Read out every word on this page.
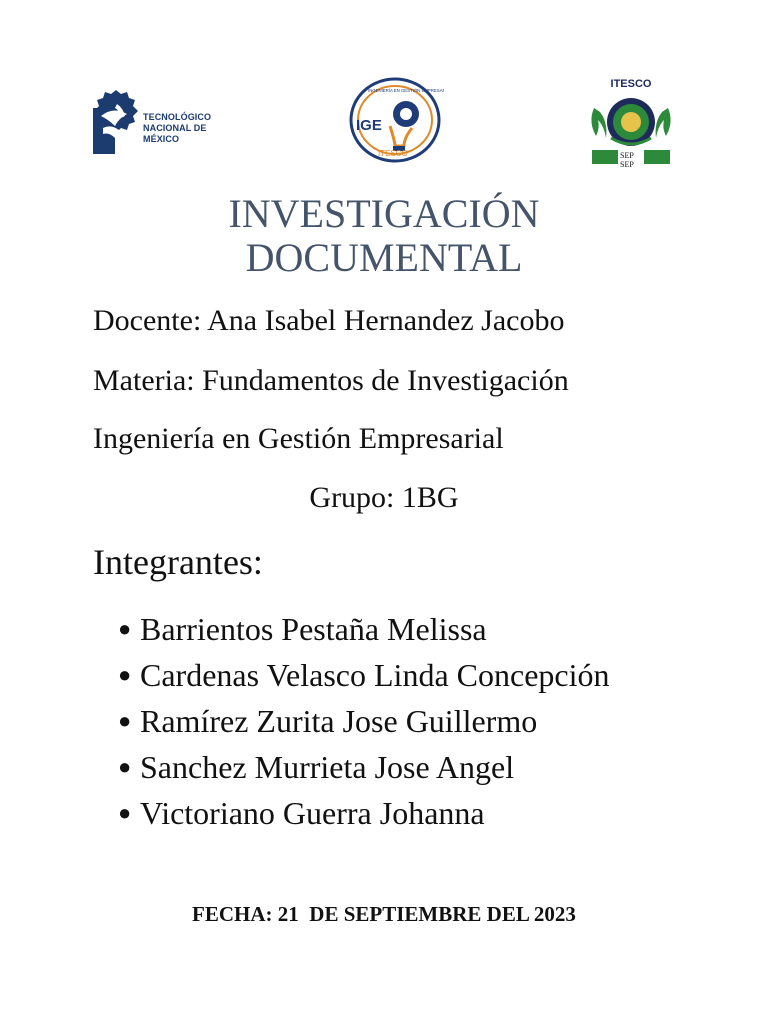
TECNOLÓGICO
NACIONAL DE MÉXICO
IGE
ITESCO
INGENIERÍA EN GESTIÓN EMPRESARIAL
ITESCO
SEP
SEP
INVESTIGACIÓN
DOCUMENTAL
Docente: Ana Isabel Hernandez Jacobo
Materia: Fundamentos de Investigación
Ingeniería en Gestión Empresarial
Grupo: 1BG
Integrantes:
● Barrientos Pestaña Melissa
● Cardenas Velasco Linda Concepción
● Ramírez Zurita Jose Guillermo
● Sanchez Murrieta Jose Angel
● Victoriano Guerra Johanna
FECHA: 21  DE SEPTIEMBRE DEL 2023
